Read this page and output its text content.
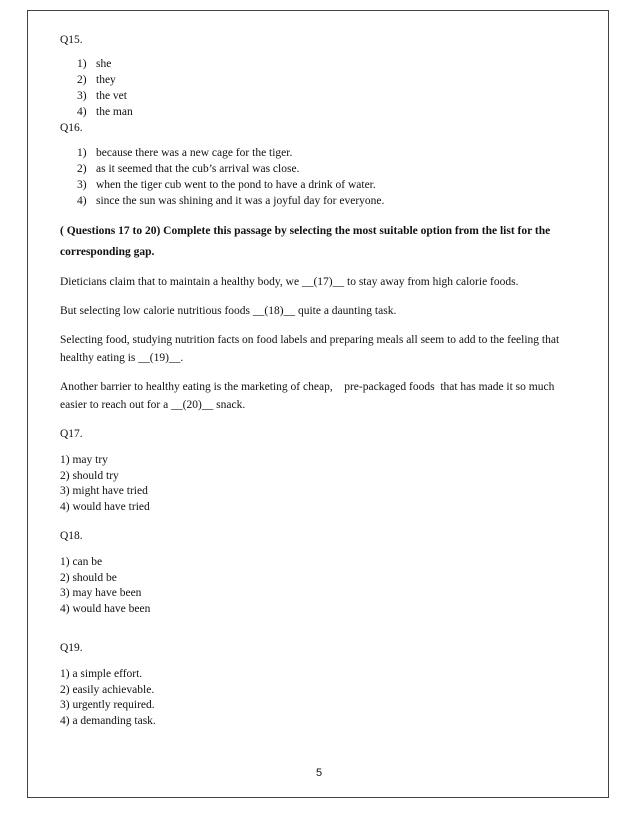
Q15.

1) she
2) they
3) the vet
4) the man

Q16.

1) because there was a new cage for the tiger.
2) as it seemed that the cub’s arrival was close.
3) when the tiger cub went to the pond to have a drink of water.
4) since the sun was shining and it was a joyful day for everyone.

( Questions 17 to 20) Complete this passage by selecting the most suitable option from the list for the corresponding gap.

Dieticians claim that to maintain a healthy body, we __(17)__ to stay away from high calorie foods.

But selecting low calorie nutritious foods __(18)__ quite a daunting task.

Selecting food, studying nutrition facts on food labels and preparing meals all seem to add to the feeling that healthy eating is __(19)__.

Another barrier to healthy eating is the marketing of cheap,    pre-packaged foods  that has made it so much easier to reach out for a __(20)__ snack.

Q17.

1) may try
2) should try
3) might have tried
4) would have tried

Q18.

1) can be
2) should be
3) may have been
4) would have been

Q19.

1) a simple effort.
2) easily achievable.
3) urgently required.
4) a demanding task.
5
